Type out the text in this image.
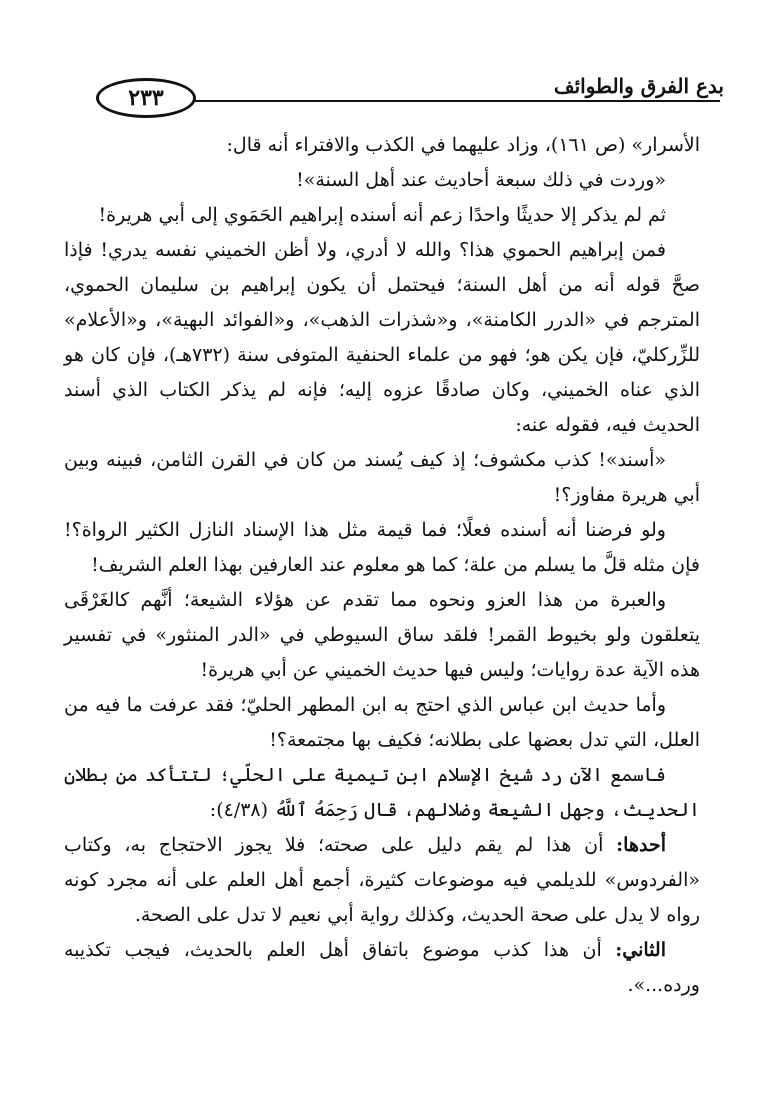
بدع الفرق والطوائف
٢٣٣

الأسرار» (ص ١٦١)، وزاد عليهما في الكذب والافتراء أنه قال:

«وردت في ذلك سبعة أحاديث عند أهل السنة»!

ثم لم يذكر إلا حديثًا واحدًا زعم أنه أسنده إبراهيم الحَمَوي إلى أبي هريرة!

فمن إبراهيم الحموي هذا؟ والله لا أدري، ولا أظن الخميني نفسه يدري! فإذا صحَّ قوله أنه من أهل السنة؛ فيحتمل أن يكون إبراهيم بن سليمان الحموي، المترجم في «الدرر الكامنة»، و«شذرات الذهب»، و«الفوائد البهية»، و«الأعلام» للزِّركليّ، فإن يكن هو؛ فهو من علماء الحنفية المتوفى سنة (٧٣٢هـ)، فإن كان هو الذي عناه الخميني، وكان صادقًا عزوه إليه؛ فإنه لم يذكر الكتاب الذي أسند الحديث فيه، فقوله عنه:

«أسند»! كذب مكشوف؛ إذ كيف يُسند من كان في القرن الثامن، فبينه وبين أبي هريرة مفاوز؟!

ولو فرضنا أنه أسنده فعلًا؛ فما قيمة مثل هذا الإسناد النازل الكثير الرواة؟! فإن مثله قلَّ ما يسلم من علة؛ كما هو معلوم عند العارفين بهذا العلم الشريف!

والعبرة من هذا العزو ونحوه مما تقدم عن هؤلاء الشيعة؛ أنَّهم كالغَرْقَى يتعلقون ولو بخيوط القمر! فلقد ساق السيوطي في «الدر المنثور» في تفسير هذه الآية عدة روايات؛ وليس فيها حديث الخميني عن أبي هريرة!

وأما حديث ابن عباس الذي احتج به ابن المطهر الحليّ؛ فقد عرفت ما فيه من العلل، التي تدل بعضها على بطلانه؛ فكيف بها مجتمعة؟!

فاسمع الآن رد شيخ الإسلام ابن تيمية على الحلّي؛ لتتأكد من بطلان الحديث، وجهل الشيعة وضلالهم، قال رَحِمَهُ ٱللَّهُ (٤/٣٨):

أحدها: أن هذا لم يقم دليل على صحته؛ فلا يجوز الاحتجاج به، وكتاب «الفردوس» للديلمي فيه موضوعات كثيرة، أجمع أهل العلم على أنه مجرد كونه رواه لا يدل على صحة الحديث، وكذلك رواية أبي نعيم لا تدل على الصحة.

الثاني: أن هذا كذب موضوع باتفاق أهل العلم بالحديث، فيجب تكذيبه ورده...».
